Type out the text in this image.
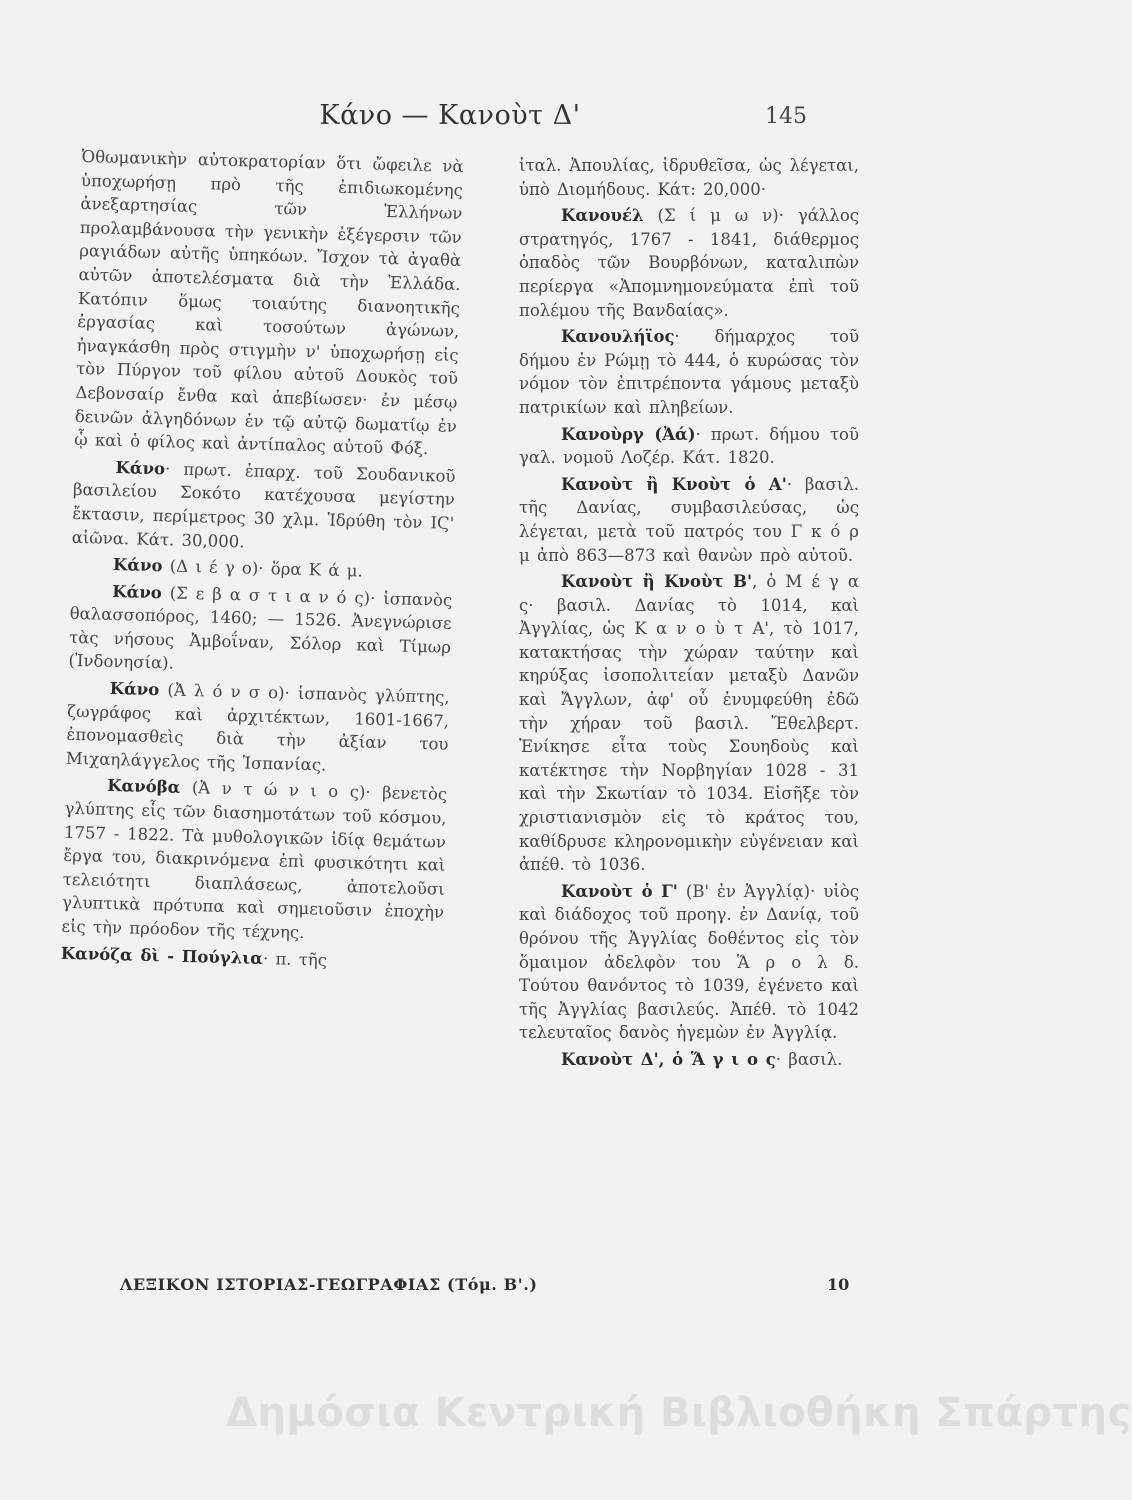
Κάνο — Κανοὺτ Δ'	145

Ὀθωμανικὴν αὐτοκρατορίαν ὅτι ὤφειλε νὰ ὑποχωρήσῃ πρὸ τῆς ἐπιδιωκομένης ἀνεξαρτησίας τῶν Ἑλλήνων προλαμβάνουσα τὴν γενικὴν ἐξέγερσιν τῶν ραγιάδων αὐτῆς ὑπηκόων. Ἴσχον τὰ ἀγαθὰ αὐτῶν ἀποτελέσματα διὰ τὴν Ἑλλάδα. Κατόπιν ὅμως τοιαύτης διανοητικῆς ἐργασίας καὶ τοσούτων ἀγώνων, ἠναγκάσθη πρὸς στιγμὴν ν' ὑποχωρήσῃ εἰς τὸν Πύργον τοῦ φίλου αὐτοῦ Δουκὸς τοῦ Δεβονσαίρ ἔνθα καὶ ἀπεβίωσεν· ἐν μέσῳ δεινῶν ἀλγηδόνων ἐν τῷ αὐτῷ δωματίῳ ἐν ᾧ καὶ ὁ φίλος καὶ ἀντίπαλος αὐτοῦ Φόξ.

Κάνο· πρωτ. ἐπαρχ. τοῦ Σουδανικοῦ βασιλείου Σοκότο κατέχουσα μεγίστην ἔκτασιν, περίμετρος 30 χλμ. Ἱδρύθη τὸν ΙϚ' αἰῶνα. Κάτ. 30,000.

Κάνο (Δ ι έ γ ο)· ὅρα Κ ά μ.

Κάνο (Σ ε β α σ τ ι α ν ό ς)· ἱσπανὸς θαλασσοπόρος, 1460; — 1526. Ἀνεγνώρισε τὰς νήσους Ἀμβοΐναν, Σόλορ καὶ Τίμωρ (Ἰνδονησία).

Κάνο (Ἀ λ ό ν σ ο)· ἱσπανὸς γλύπτης, ζωγράφος καὶ ἀρχιτέκτων, 1601-1667, ἐπονομασθεὶς διὰ τὴν ἀξίαν του Μιχαηλάγγελος τῆς Ἱσπανίας.

Κανόβα (Ἀ ν τ ώ ν ι ο ς)· βενετὸς γλύπτης εἷς τῶν διασημοτάτων τοῦ κόσμου, 1757 - 1822. Τὰ μυθολογικῶν ἰδίᾳ θεμάτων ἔργα του, διακρινόμενα ἐπὶ φυσικότητι καὶ τελειότητι διαπλάσεως, ἀποτελοῦσι γλυπτικὰ πρότυπα καὶ σημειοῦσιν ἐποχὴν εἰς τὴν πρόοδον τῆς τέχνης.

Κανόζα δὶ - Πούγλια· π. τῆς

ἰταλ. Ἀπουλίας, ἱδρυθεῖσα, ὡς λέγεται, ὑπὸ Διομήδους. Κάτ: 20,000·

Κανουέλ (Σ ί μ ω ν)· γάλλος στρατηγός, 1767 - 1841, διάθερμος ὀπαδὸς τῶν Βουρβόνων, καταλιπὼν περίεργα «Ἀπομνημονεύματα ἐπὶ τοῦ πολέμου τῆς Βανδαίας».

Κανουλήϊος· δήμαρχος τοῦ δήμου ἐν Ρώμῃ τὸ 444, ὁ κυρώσας τὸν νόμον τὸν ἐπιτρέποντα γάμους μεταξὺ πατρικίων καὶ πληβείων.

Κανοὺργ (Ἀά)· πρωτ. δήμου τοῦ γαλ. νομοῦ Λοζέρ. Κάτ. 1820.

Κανοὺτ ἢ Κνοὺτ ὁ Α'· βασιλ. τῆς Δανίας, συμβασιλεύσας, ὡς λέγεται, μετὰ τοῦ πατρός του Γ κ ό ρ μ ἀπὸ 863—873 καὶ θανὼν πρὸ αὐτοῦ.

Κανοὺτ ἢ Κνοὺτ Β', ὁ Μ έ γ α ς· βασιλ. Δανίας τὸ 1014, καὶ Ἀγγλίας, ὡς Κ α ν ο ὺ τ Α', τὸ 1017, κατακτήσας τὴν χώραν ταύτην καὶ κηρύξας ἰσοπολιτείαν μεταξὺ Δανῶν καὶ Ἄγγλων, ἀφ' οὗ ἐνυμφεύθη ἐδῶ τὴν χήραν τοῦ βασιλ. Ἔθελβερτ. Ἐνίκησε εἶτα τοὺς Σουηδοὺς καὶ κατέκτησε τὴν Νορβηγίαν 1028 - 31 καὶ τὴν Σκωτίαν τὸ 1034. Εἰσῆξε τὸν χριστιανισμὸν εἰς τὸ κράτος του, καθίδρυσε κληρονομικὴν εὐγένειαν καὶ ἀπέθ. τὸ 1036.

Κανοὺτ ὁ Γ' (Β' ἐν Ἀγγλίᾳ)· υἱὸς καὶ διάδοχος τοῦ προηγ. ἐν Δανίᾳ, τοῦ θρόνου τῆς Ἀγγλίας δοθέντος εἰς τὸν ὅμαιμον ἀδελφὸν του Ἅ ρ ο λ δ. Τούτου θανόντος τὸ 1039, ἐγένετο καὶ τῆς Ἀγγλίας βασιλεύς. Ἀπέθ. τὸ 1042 τελευταῖος δανὸς ἡγεμὼν ἐν Ἀγγλίᾳ.

Κανοὺτ Δ', ὁ Ἅ γ ι ο ς· βασιλ.

ΛΕΞΙΚΟΝ ΙΣΤΟΡΙΑΣ-ΓΕΩΓΡΑΦΙΑΣ (Τόμ. Β'.)	10
Δημόσια Κεντρική Βιβλιοθήκη Σπάρτης
